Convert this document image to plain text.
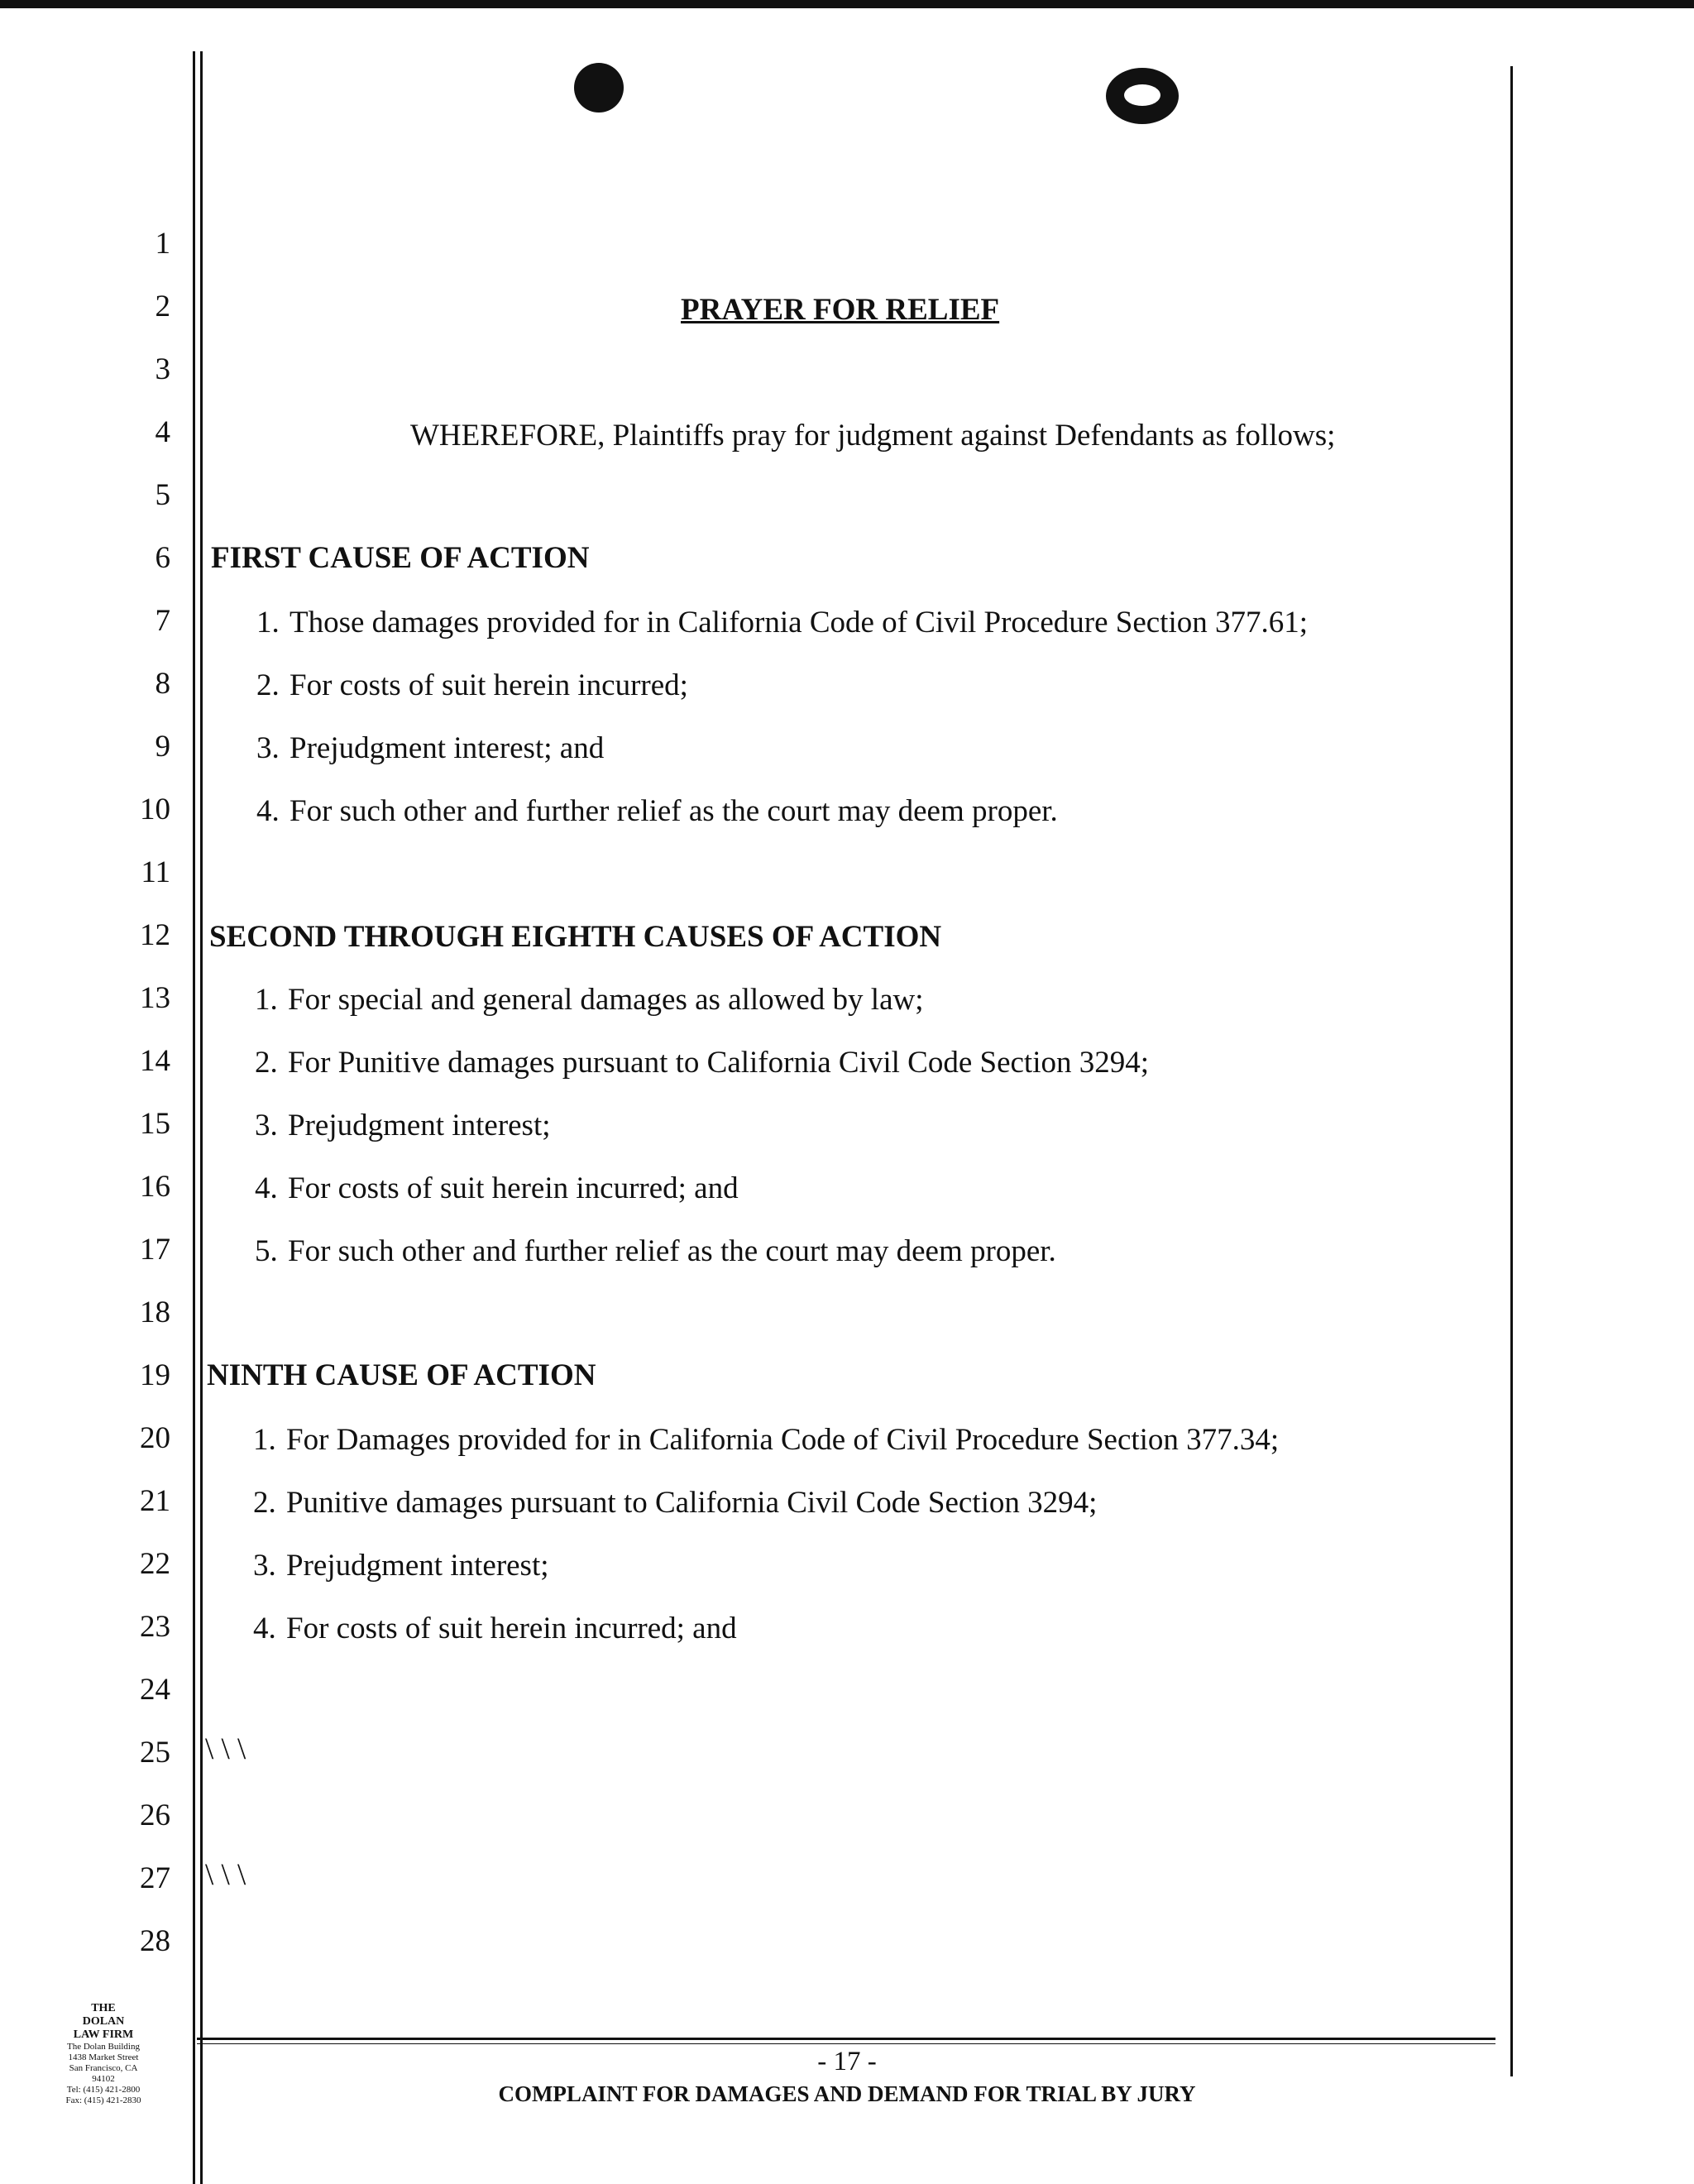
1
2
3
4
5
6
7
8
9
10
11
12
13
14
15
16
17
18
19
20
21
22
23
24
25
26
27
28
PRAYER FOR RELIEF
WHEREFORE, Plaintiffs pray for judgment against Defendants as follows;
FIRST CAUSE OF ACTION
1. Those damages provided for in California Code of Civil Procedure Section 377.61;
2. For costs of suit herein incurred;
3. Prejudgment interest; and
4. For such other and further relief as the court may deem proper.
SECOND THROUGH EIGHTH CAUSES OF ACTION
1. For special and general damages as allowed by law;
2. For Punitive damages pursuant to California Civil Code Section 3294;
3. Prejudgment interest;
4. For costs of suit herein incurred; and
5. For such other and further relief as the court may deem proper.
NINTH CAUSE OF ACTION
1. For Damages provided for in California Code of Civil Procedure Section 377.34;
2. Punitive damages pursuant to California Civil Code Section 3294;
3. Prejudgment interest;
4. For costs of suit herein incurred; and
\ \ \
\ \ \
- 17 -
COMPLAINT FOR DAMAGES AND DEMAND FOR TRIAL BY JURY
THE
DOLAN
LAW FIRM
The Dolan Building
1438 Market Street
San Francisco, CA
94102
Tel: (415) 421-2800
Fax: (415) 421-2830
